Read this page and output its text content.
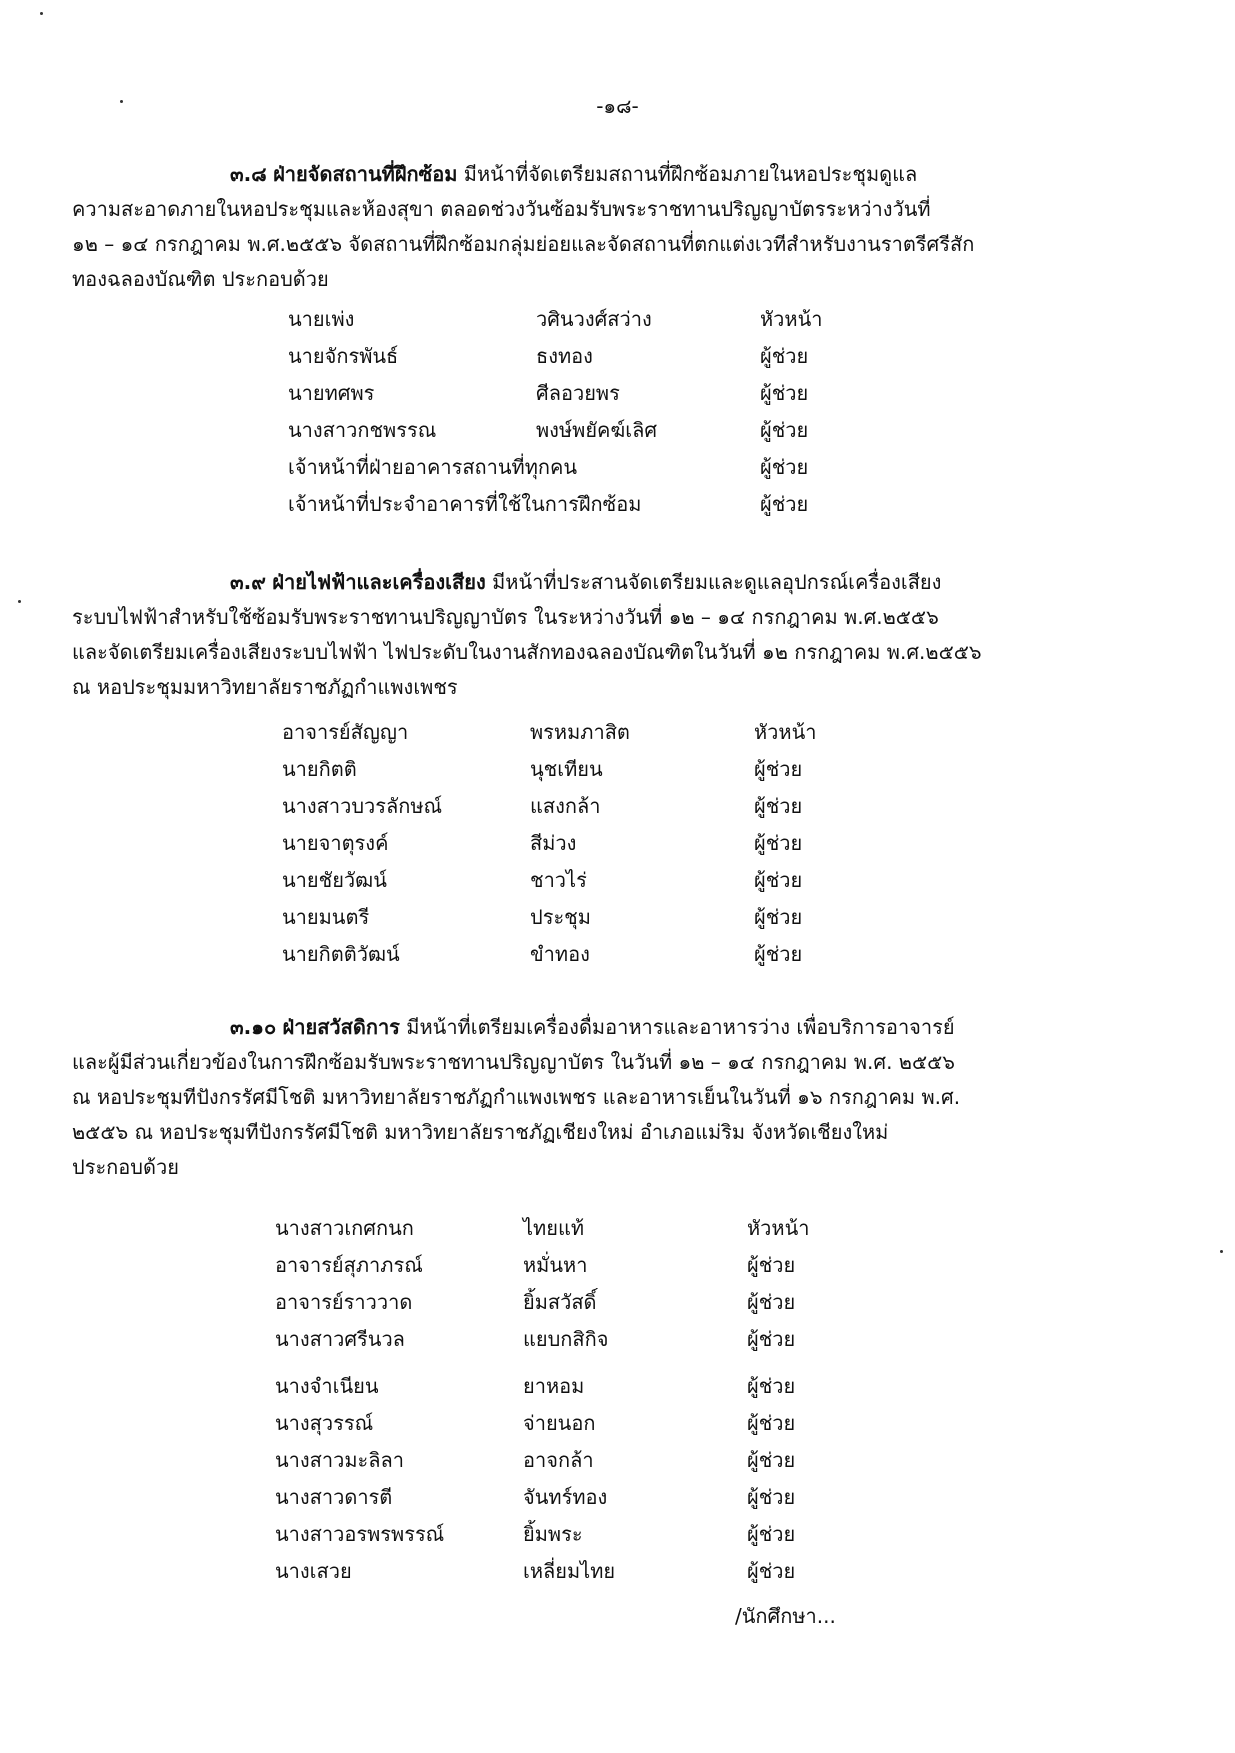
-๑๘-
๓.๘ ฝ่ายจัดสถานที่ฝึกซ้อม มีหน้าที่จัดเตรียมสถานที่ฝึกซ้อมภายในหอประชุมดูแล
ความสะอาดภายในหอประชุมและห้องสุขา ตลอดช่วงวันซ้อมรับพระราชทานปริญญาบัตรระหว่างวันที่
๑๒ – ๑๔ กรกฎาคม พ.ศ.๒๕๕๖ จัดสถานที่ฝึกซ้อมกลุ่มย่อยและจัดสถานที่ตกแต่งเวทีสำหรับงานราตรีศรีสัก
ทองฉลองบัณฑิต ประกอบด้วย
นายเพ่ง	วศินวงศ์สว่าง	หัวหน้า
นายจักรพันธ์	ธงทอง	ผู้ช่วย
นายทศพร	ศีลอวยพร	ผู้ช่วย
นางสาวกชพรรณ	พงษ์พยัคฆ์เลิศ	ผู้ช่วย
เจ้าหน้าที่ฝ่ายอาคารสถานที่ทุกคน	ผู้ช่วย
เจ้าหน้าที่ประจำอาคารที่ใช้ในการฝึกซ้อม	ผู้ช่วย
๓.๙ ฝ่ายไฟฟ้าและเครื่องเสียง มีหน้าที่ประสานจัดเตรียมและดูแลอุปกรณ์เครื่องเสียง
ระบบไฟฟ้าสำหรับใช้ซ้อมรับพระราชทานปริญญาบัตร ในระหว่างวันที่ ๑๒ – ๑๔ กรกฎาคม พ.ศ.๒๕๕๖
และจัดเตรียมเครื่องเสียงระบบไฟฟ้า ไฟประดับในงานสักทองฉลองบัณฑิตในวันที่ ๑๒ กรกฎาคม พ.ศ.๒๕๕๖
ณ หอประชุมมหาวิทยาลัยราชภัฏกำแพงเพชร
อาจารย์สัญญา	พรหมภาสิต	หัวหน้า
นายกิตติ	นุชเทียน	ผู้ช่วย
นางสาวบวรลักษณ์	แสงกล้า	ผู้ช่วย
นายจาตุรงค์	สีม่วง	ผู้ช่วย
นายชัยวัฒน์	ชาวไร่	ผู้ช่วย
นายมนตรี	ประชุม	ผู้ช่วย
นายกิตติวัฒน์	ขำทอง	ผู้ช่วย
๓.๑๐ ฝ่ายสวัสดิการ มีหน้าที่เตรียมเครื่องดื่มอาหารและอาหารว่าง เพื่อบริการอาจารย์
และผู้มีส่วนเกี่ยวข้องในการฝึกซ้อมรับพระราชทานปริญญาบัตร ในวันที่ ๑๒ – ๑๔ กรกฎาคม พ.ศ. ๒๕๕๖
ณ หอประชุมทีปังกรรัศมีโชติ มหาวิทยาลัยราชภัฏกำแพงเพชร และอาหารเย็นในวันที่ ๑๖ กรกฎาคม พ.ศ.
๒๕๕๖ ณ หอประชุมทีปังกรรัศมีโชติ มหาวิทยาลัยราชภัฏเชียงใหม่ อำเภอแม่ริม จังหวัดเชียงใหม่
ประกอบด้วย
นางสาวเกศกนก	ไทยแท้	หัวหน้า
อาจารย์สุภาภรณ์	หมั่นหา	ผู้ช่วย
อาจารย์ราววาด	ยิ้มสวัสดิ์	ผู้ช่วย
นางสาวศรีนวล	แยบกสิกิจ	ผู้ช่วย
นางจำเนียน	ยาหอม	ผู้ช่วย
นางสุวรรณ์	จ่ายนอก	ผู้ช่วย
นางสาวมะลิลา	อาจกล้า	ผู้ช่วย
นางสาวดารตี	จันทร์ทอง	ผู้ช่วย
นางสาวอรพรพรรณ์	ยิ้มพระ	ผู้ช่วย
นางเสวย	เหลี่ยมไทย	ผู้ช่วย
/นักศึกษา...
